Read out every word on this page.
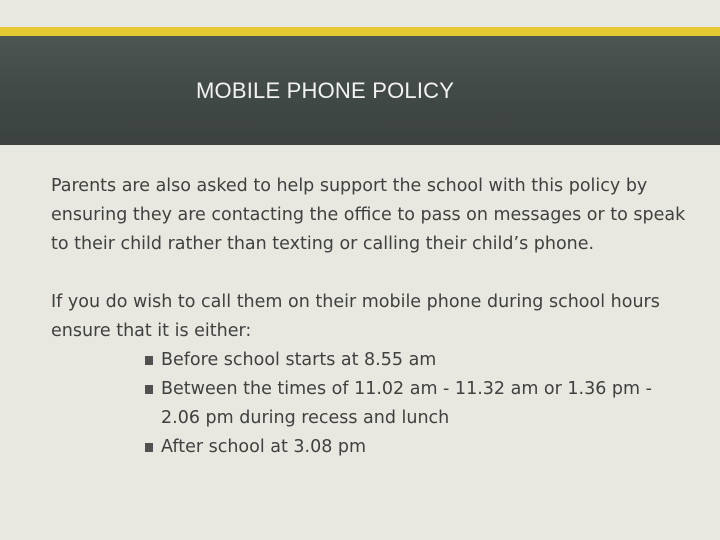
MOBILE PHONE POLICY

Parents are also asked to help support the school with this policy by ensuring they are contacting the office to pass on messages or to speak to their child rather than texting or calling their child’s phone.

If you do wish to call them on their mobile phone during school hours ensure that it is either:

Before school starts at 8.55 am
Between the times of 11.02 am - 11.32 am or 1.36 pm - 2.06 pm during recess and lunch
After school at 3.08 pm
